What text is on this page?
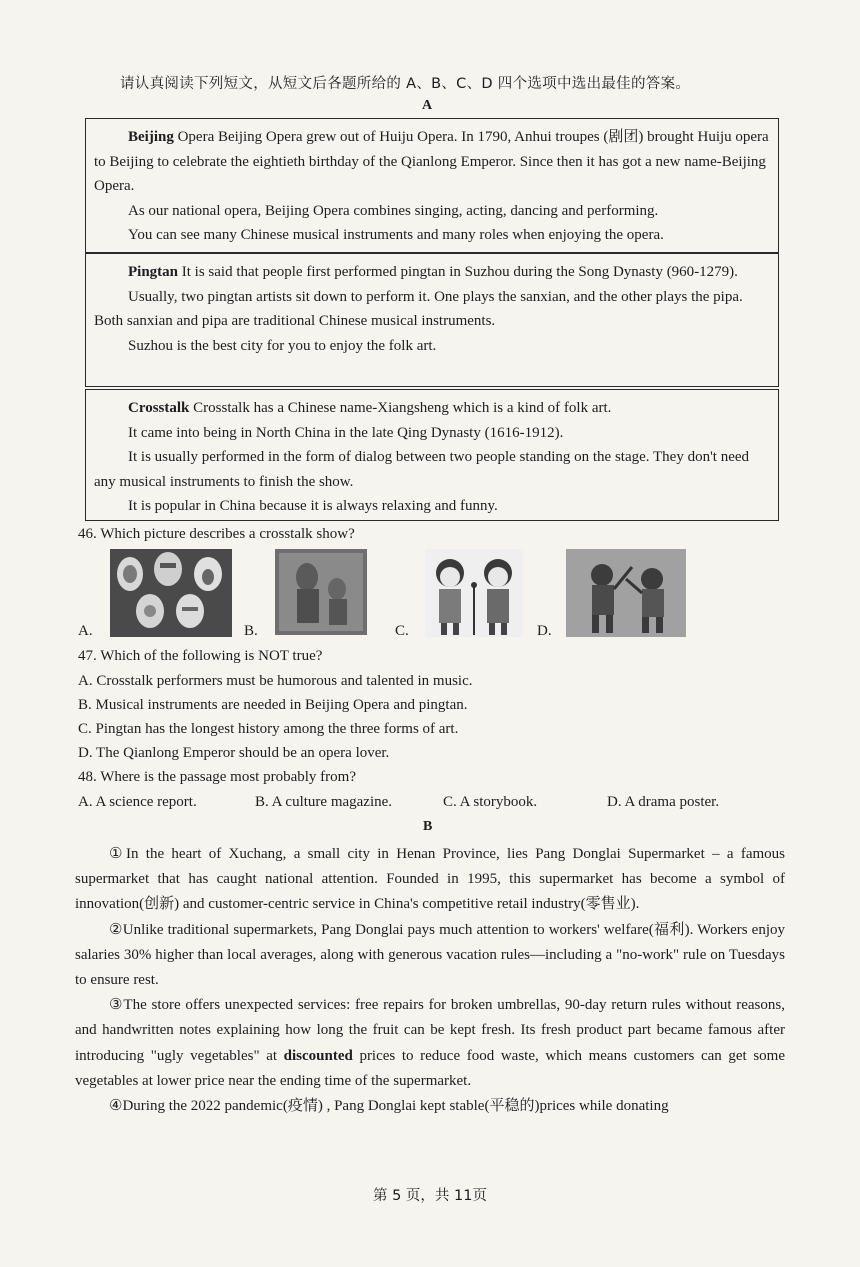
请认真阅读下列短文，从短文后各题所给的 A、B、C、D 四个选项中选出最佳的答案。
A

Beijing Opera Beijing Opera grew out of Huiju Opera. In 1790, Anhui troupes (剧团) brought Huiju opera to Beijing to celebrate the eightieth birthday of the Qianlong Emperor. Since then it has got a new name-Beijing Opera.

As our national opera, Beijing Opera combines singing, acting, dancing and performing.

You can see many Chinese musical instruments and many roles when enjoying the opera.

Pingtan It is said that people first performed pingtan in Suzhou during the Song Dynasty (960-1279).

Usually, two pingtan artists sit down to perform it. One plays the sanxian, and the other plays the pipa. Both sanxian and pipa are traditional Chinese musical instruments.

Suzhou is the best city for you to enjoy the folk art.

Crosstalk Crosstalk has a Chinese name-Xiangsheng which is a kind of folk art.

It came into being in North China in the late Qing Dynasty (1616-1912).

It is usually performed in the form of dialog between two people standing on the stage. They don't need any musical instruments to finish the show.

It is popular in China because it is always relaxing and funny.

46. Which picture describes a crosstalk show?
A.	B.	C.	D.
47. Which of the following is NOT true?
A. Crosstalk performers must be humorous and talented in music.
B. Musical instruments are needed in Beijing Opera and pingtan.
C. Pingtan has the longest history among the three forms of art.
D. The Qianlong Emperor should be an opera lover.
48. Where is the passage most probably from?
A. A science report.	B. A culture magazine.	C. A storybook.	D. A drama poster.
B

①In the heart of Xuchang, a small city in Henan Province, lies Pang Donglai Supermarket – a famous supermarket that has caught national attention. Founded in 1995, this supermarket has become a symbol of innovation(创新) and customer-centric service in China's competitive retail industry(零售业).

②Unlike traditional supermarkets, Pang Donglai pays much attention to workers' welfare(福利). Workers enjoy salaries 30% higher than local averages, along with generous vacation rules—including a "no-work" rule on Tuesdays to ensure rest.

③The store offers unexpected services: free repairs for broken umbrellas, 90-day return rules without reasons, and handwritten notes explaining how long the fruit can be kept fresh. Its fresh product part became famous after introducing "ugly vegetables" at discounted prices to reduce food waste, which means customers can get some vegetables at lower price near the ending time of the supermarket.

④During the 2022 pandemic(疫情) , Pang Donglai kept stable(平稳的)prices while donating

第 5 页，共 11页
